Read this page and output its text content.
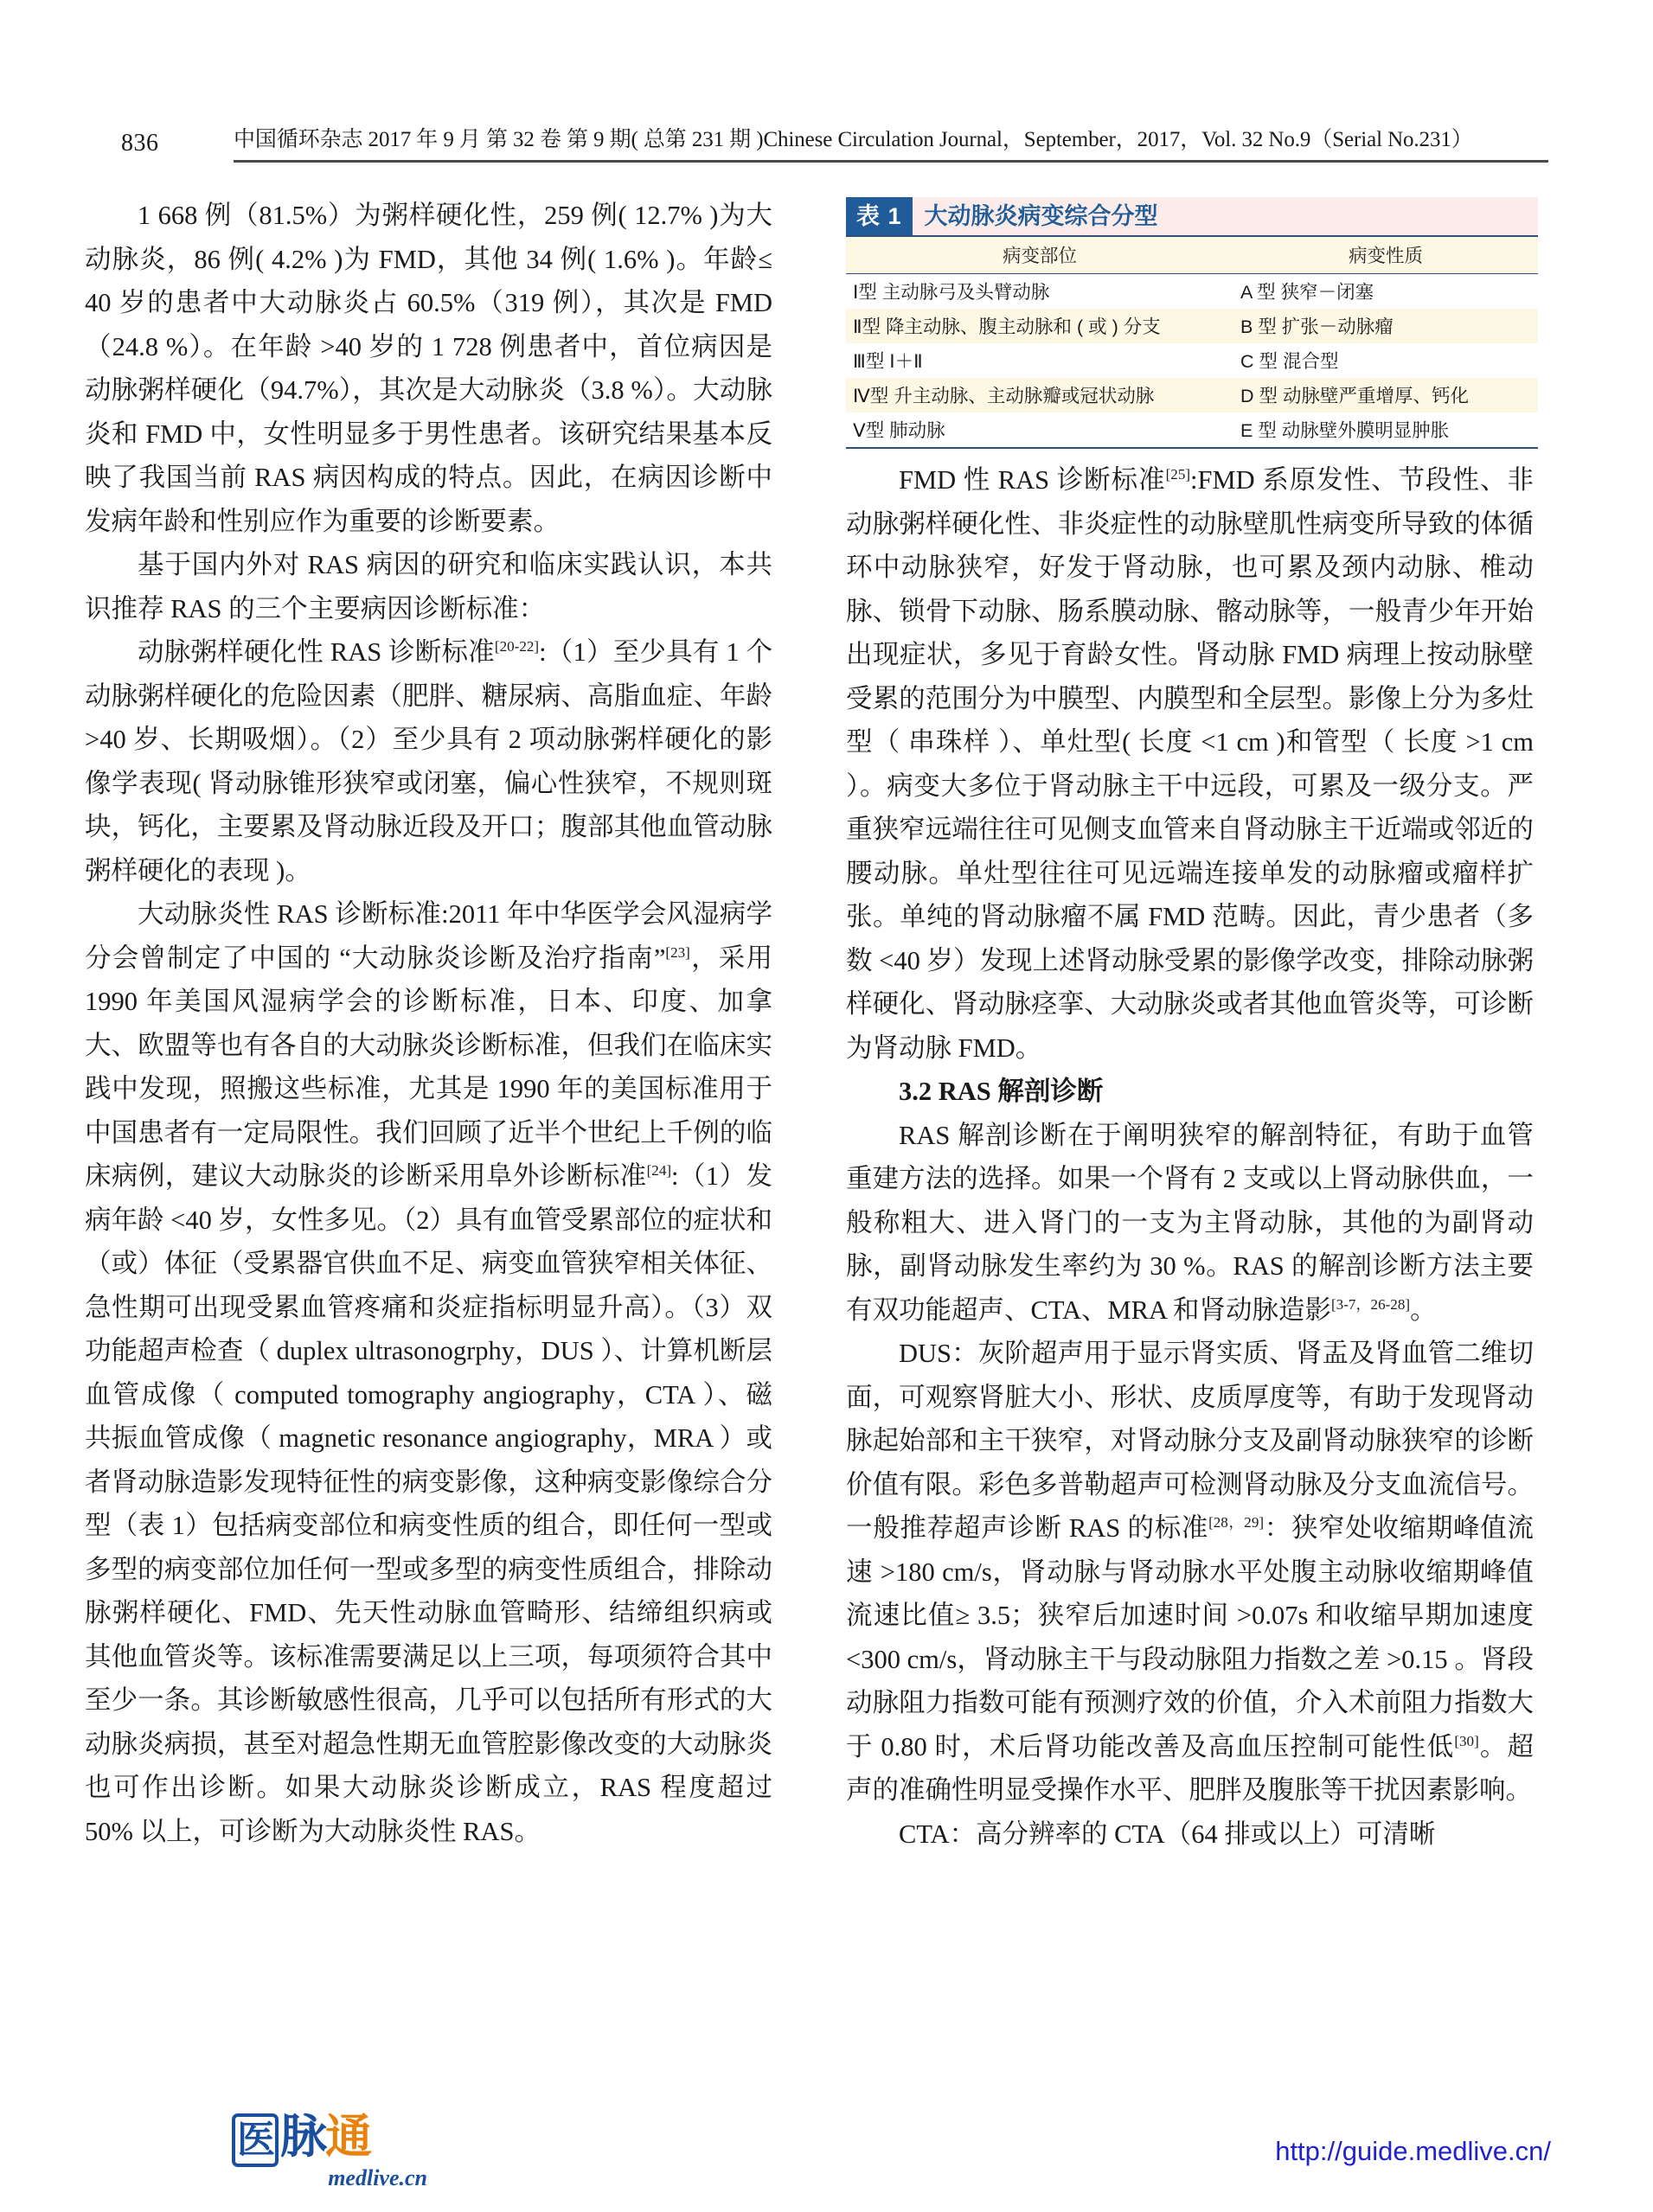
836	中国循环杂志 2017 年 9 月 第 32 卷 第 9 期( 总第 231 期 )Chinese Circulation Journal，September，2017，Vol. 32 No.9（Serial No.231）

1 668 例（81.5%）为粥样硬化性，259 例( 12.7% )为大动脉炎，86 例( 4.2% )为 FMD，其他 34 例( 1.6% )。年龄≤ 40 岁的患者中大动脉炎占 60.5%（319 例），其次是 FMD（24.8 %）。在年龄 >40 岁的 1 728 例患者中，首位病因是动脉粥样硬化（94.7%），其次是大动脉炎（3.8 %）。大动脉炎和 FMD 中，女性明显多于男性患者。该研究结果基本反映了我国当前 RAS 病因构成的特点。因此，在病因诊断中发病年龄和性别应作为重要的诊断要素。

基于国内外对 RAS 病因的研究和临床实践认识，本共识推荐 RAS 的三个主要病因诊断标准：

动脉粥样硬化性 RAS 诊断标准[20-22]:（1）至少具有 1 个动脉粥样硬化的危险因素（肥胖、糖尿病、高脂血症、年龄 >40 岁、长期吸烟）。（2）至少具有 2 项动脉粥样硬化的影像学表现( 肾动脉锥形狭窄或闭塞，偏心性狭窄，不规则斑块，钙化，主要累及肾动脉近段及开口；腹部其他血管动脉粥样硬化的表现 )。

大动脉炎性 RAS 诊断标准:2011 年中华医学会风湿病学分会曾制定了中国的 “大动脉炎诊断及治疗指南”[23]，采用 1990 年美国风湿病学会的诊断标准，日本、印度、加拿大、欧盟等也有各自的大动脉炎诊断标准，但我们在临床实践中发现，照搬这些标准，尤其是 1990 年的美国标准用于中国患者有一定局限性。我们回顾了近半个世纪上千例的临床病例，建议大动脉炎的诊断采用阜外诊断标准[24]:（1）发病年龄 <40 岁，女性多见。（2）具有血管受累部位的症状和（或）体征（受累器官供血不足、病变血管狭窄相关体征、急性期可出现受累血管疼痛和炎症指标明显升高）。（3）双功能超声检查（ duplex ultrasonogrphy，DUS ）、计算机断层血管成像（ computed tomography angiography，CTA ）、磁共振血管成像（ magnetic resonance angiography，MRA ）或者肾动脉造影发现特征性的病变影像，这种病变影像综合分型（表 1）包括病变部位和病变性质的组合，即任何一型或多型的病变部位加任何一型或多型的病变性质组合，排除动脉粥样硬化、FMD、先天性动脉血管畸形、结缔组织病或其他血管炎等。该标准需要满足以上三项，每项须符合其中至少一条。其诊断敏感性很高，几乎可以包括所有形式的大动脉炎病损，甚至对超急性期无血管腔影像改变的大动脉炎也可作出诊断。如果大动脉炎诊断成立，RAS 程度超过 50% 以上，可诊断为大动脉炎性 RAS。

表 1 大动脉炎病变综合分型
病变部位	病变性质
Ⅰ型 主动脉弓及头臂动脉	A 型 狭窄－闭塞
Ⅱ型 降主动脉、腹主动脉和 ( 或 ) 分支	B 型 扩张－动脉瘤
Ⅲ型 Ⅰ＋Ⅱ	C 型 混合型
Ⅳ型 升主动脉、主动脉瓣或冠状动脉	D 型 动脉壁严重增厚、钙化
Ⅴ型 肺动脉	E 型 动脉壁外膜明显肿胀

FMD 性 RAS 诊断标准[25]:FMD 系原发性、节段性、非动脉粥样硬化性、非炎症性的动脉壁肌性病变所导致的体循环中动脉狭窄，好发于肾动脉，也可累及颈内动脉、椎动脉、锁骨下动脉、肠系膜动脉、髂动脉等，一般青少年开始出现症状，多见于育龄女性。肾动脉 FMD 病理上按动脉壁受累的范围分为中膜型、内膜型和全层型。影像上分为多灶型（ 串珠样 ）、单灶型( 长度 <1 cm )和管型（ 长度 >1 cm ）。病变大多位于肾动脉主干中远段，可累及一级分支。严重狭窄远端往往可见侧支血管来自肾动脉主干近端或邻近的腰动脉。单灶型往往可见远端连接单发的动脉瘤或瘤样扩张。单纯的肾动脉瘤不属 FMD 范畴。因此，青少患者（多数 <40 岁）发现上述肾动脉受累的影像学改变，排除动脉粥样硬化、肾动脉痉挛、大动脉炎或者其他血管炎等，可诊断为肾动脉 FMD。

3.2 RAS 解剖诊断

RAS 解剖诊断在于阐明狭窄的解剖特征，有助于血管重建方法的选择。如果一个肾有 2 支或以上肾动脉供血，一般称粗大、进入肾门的一支为主肾动脉，其他的为副肾动脉，副肾动脉发生率约为 30 %。RAS 的解剖诊断方法主要有双功能超声、CTA、MRA 和肾动脉造影[3-7，26-28]。

DUS：灰阶超声用于显示肾实质、肾盂及肾血管二维切面，可观察肾脏大小、形状、皮质厚度等，有助于发现肾动脉起始部和主干狭窄，对肾动脉分支及副肾动脉狭窄的诊断价值有限。彩色多普勒超声可检测肾动脉及分支血流信号。一般推荐超声诊断 RAS 的标准[28，29]：狭窄处收缩期峰值流速 >180 cm/s，肾动脉与肾动脉水平处腹主动脉收缩期峰值流速比值≥ 3.5；狭窄后加速时间 >0.07s 和收缩早期加速度 <300 cm/s，肾动脉主干与段动脉阻力指数之差 >0.15 。肾段动脉阻力指数可能有预测疗效的价值，介入术前阻力指数大于 0.80 时，术后肾功能改善及高血压控制可能性低[30]。超声的准确性明显受操作水平、肥胖及腹胀等干扰因素影响。

CTA：高分辨率的 CTA（64 排或以上）可清晰

医 脉通
medlive.cn
http://guide.medlive.cn/
